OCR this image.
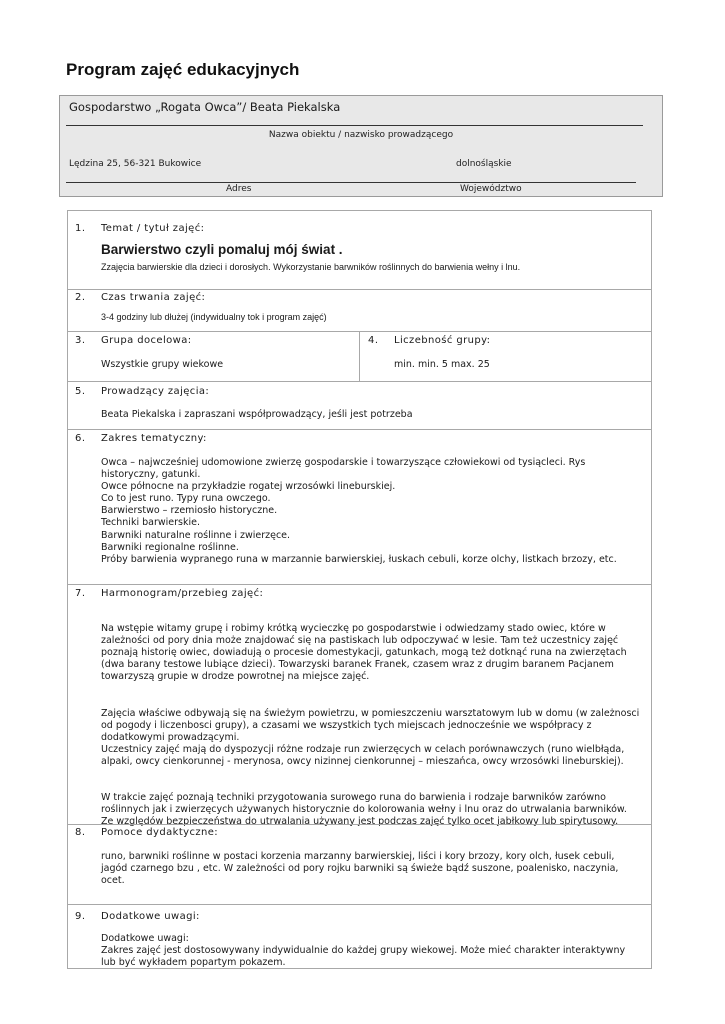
Program zajęć edukacyjnych
Gospodarstwo „Rogata Owca”/ Beata Piekalska
Nazwa obiektu / nazwisko prowadzącego
Lędzina 25, 56-321 Bukowice	dolnośląskie
Adres	Województwo
1. Temat / tytuł zajęć:
Barwierstwo czyli pomaluj mój świat .
Zzajęcia barwierskie dla dzieci i dorosłych. Wykorzystanie barwników roślinnych do barwienia wełny i lnu.
2. Czas trwania zajęć:
3-4 godziny lub dłużej (indywidualny tok i program zajęć)
3. Grupa docelowa:
Wszystkie grupy wiekowe
4. Liczebność grupy:
min. min. 5 max. 25
5. Prowadzący zajęcia:
Beata Piekalska i zapraszani współprowadzący, jeśli jest potrzeba
6. Zakres tematyczny:
Owca – najwcześniej udomowione zwierzę gospodarskie i towarzyszące człowiekowi od tysiącleci. Rys historyczny, gatunki.
Owce północne na przykładzie rogatej wrzosówki lineburskiej.
Co to jest runo. Typy runa owczego.
Barwierstwo – rzemiosło historyczne.
Techniki barwierskie.
Barwniki naturalne roślinne i zwierzęce.
Barwniki regionalne roślinne.
Próby barwienia wypranego runa w marzannie barwierskiej, łuskach cebuli, korze olchy, listkach brzozy, etc.
7. Harmonogram/przebieg zajęć:

Na wstępie witamy grupę i robimy krótką wycieczkę po gospodarstwie i odwiedzamy stado owiec, które w zależności od pory dnia może znajdować się na pastiskach lub odpoczywać w lesie. Tam też uczestnicy zajęć poznają historię owiec, dowiadują o procesie domestykacji, gatunkach, mogą też dotknąć runa na zwierzętach (dwa barany testowe lubiące dzieci). Towarzyski baranek Franek, czasem wraz z drugim baranem Pacjanem towarzyszą grupie w drodze powrotnej na miejsce zajęć.

Zajęcia właściwe odbywają się na świeżym powietrzu, w pomieszczeniu warsztatowym lub w domu (w zależnosci od pogody i liczenbosci grupy), a czasami we wszystkich tych miejscach jednocześnie we współpracy z dodatkowymi prowadzącymi.
Uczestnicy zajęć mają do dyspozycji różne rodzaje run zwierzęcych w celach porównawczych (runo wielbłąda, alpaki, owcy cienkorunnej - merynosa, owcy nizinnej cienkorunnej – mieszańca, owcy wrzosówki lineburskiej).

W trakcie zajęć poznają techniki przygotowania surowego runa do barwienia i rodzaje barwników zarówno roślinnych jak i zwierzęcych używanych historycznie do kolorowania wełny i lnu oraz do utrwalania barwników. Ze względów bezpieczeństwa do utrwalania używany jest podczas zajęć tylko ocet jabłkowy lub spirytusowy.

8. Pomoce dydaktyczne:
runo, barwniki roślinne w postaci korzenia marzanny barwierskiej, liści i kory brzozy, kory olch, łusek cebuli, jagód czarnego bzu , etc. W zależności od pory rojku barwniki są świeże bądź suszone, poalenisko, naczynia, ocet.
9. Dodatkowe uwagi:
Dodatkowe uwagi:
Zakres zajęć jest dostosowywany indywidualnie do każdej grupy wiekowej. Może mieć charakter interaktywny lub być wykładem popartym pokazem.
